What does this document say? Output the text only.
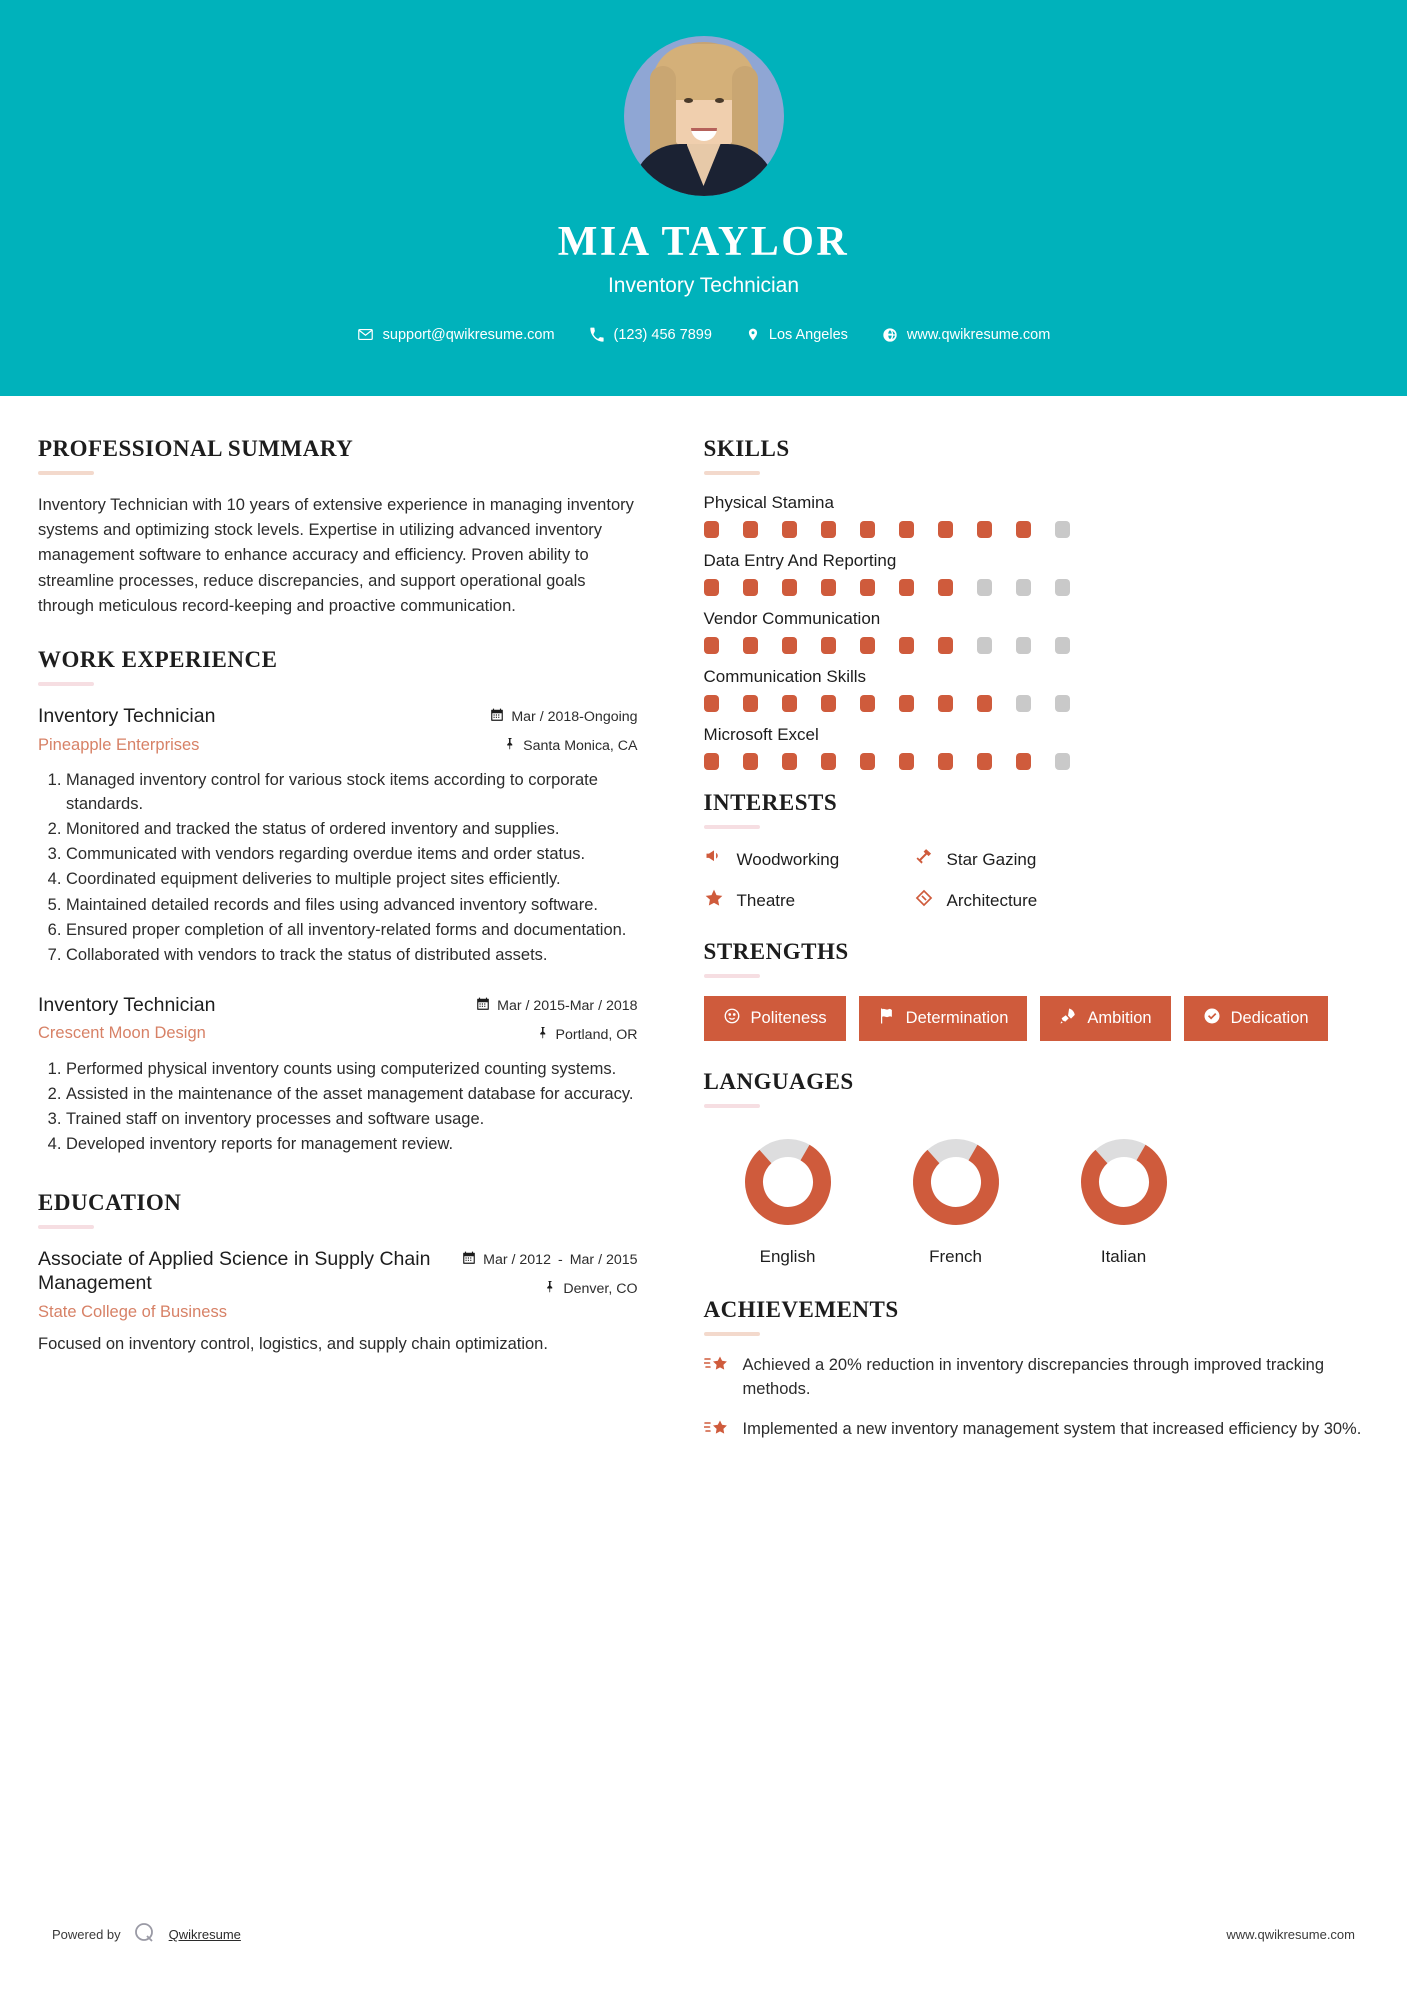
MIA TAYLOR
Inventory Technician
support@qwikresume.com	(123) 456 7899	Los Angeles	www.qwikresume.com
PROFESSIONAL SUMMARY
Inventory Technician with 10 years of extensive experience in managing inventory systems and optimizing stock levels. Expertise in utilizing advanced inventory management software to enhance accuracy and efficiency. Proven ability to streamline processes, reduce discrepancies, and support operational goals through meticulous record-keeping and proactive communication.
WORK EXPERIENCE
Inventory Technician
Pineapple Enterprises
Mar / 2018-Ongoing
Santa Monica, CA
1. Managed inventory control for various stock items according to corporate standards.
2. Monitored and tracked the status of ordered inventory and supplies.
3. Communicated with vendors regarding overdue items and order status.
4. Coordinated equipment deliveries to multiple project sites efficiently.
5. Maintained detailed records and files using advanced inventory software.
6. Ensured proper completion of all inventory-related forms and documentation.
7. Collaborated with vendors to track the status of distributed assets.
Inventory Technician
Crescent Moon Design
Mar / 2015-Mar / 2018
Portland, OR
1. Performed physical inventory counts using computerized counting systems.
2. Assisted in the maintenance of the asset management database for accuracy.
3. Trained staff on inventory processes and software usage.
4. Developed inventory reports for management review.
EDUCATION
Associate of Applied Science in Supply Chain Management
State College of Business
Mar / 2012 - Mar / 2015
Denver, CO
Focused on inventory control, logistics, and supply chain optimization.
SKILLS
Physical Stamina
Data Entry And Reporting
Vendor Communication
Communication Skills
Microsoft Excel
INTERESTS
Woodworking	Star Gazing
Theatre	Architecture
STRENGTHS
Politeness	Determination	Ambition	Dedication
LANGUAGES
English	French	Italian
ACHIEVEMENTS
Achieved a 20% reduction in inventory discrepancies through improved tracking methods.
Implemented a new inventory management system that increased efficiency by 30%.
Powered by	Qwikresume	www.qwikresume.com
